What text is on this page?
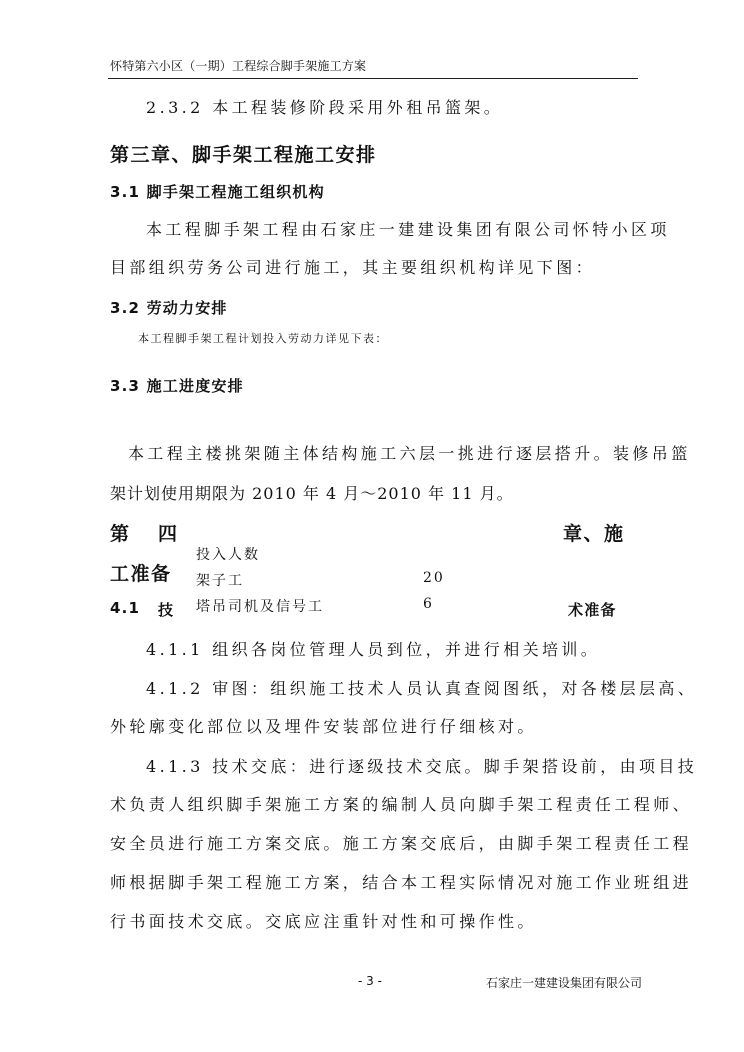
怀特第六小区（一期）工程综合脚手架施工方案
2.3.2 本工程装修阶段采用外租吊篮架。
第三章、脚手架工程施工安排
3.1 脚手架工程施工组织机构
本工程脚手架工程由石家庄一建建设集团有限公司怀特小区项
目部组织劳务公司进行施工，其主要组织机构详见下图：
3.2 劳动力安排
本工程脚手架工程计划投入劳动力详见下表：
3.3 施工进度安排
本工程主楼挑架随主体结构施工六层一挑进行逐层搭升。装修吊篮
架计划使用期限为 2010 年 4 月～2010 年 11 月。
第 四	章、施
工准备
投入人数
架子工	20
塔吊司机及信号工	6
4.1 技	术准备
4.1.1 组织各岗位管理人员到位，并进行相关培训。
4.1.2 审图：组织施工技术人员认真查阅图纸，对各楼层层高、
外轮廓变化部位以及埋件安装部位进行仔细核对。
4.1.3 技术交底：进行逐级技术交底。脚手架搭设前，由项目技
术负责人组织脚手架施工方案的编制人员向脚手架工程责任工程师、
安全员进行施工方案交底。施工方案交底后，由脚手架工程责任工程
师根据脚手架工程施工方案，结合本工程实际情况对施工作业班组进
行书面技术交底。交底应注重针对性和可操作性。
- 3 -	石家庄一建建设集团有限公司
